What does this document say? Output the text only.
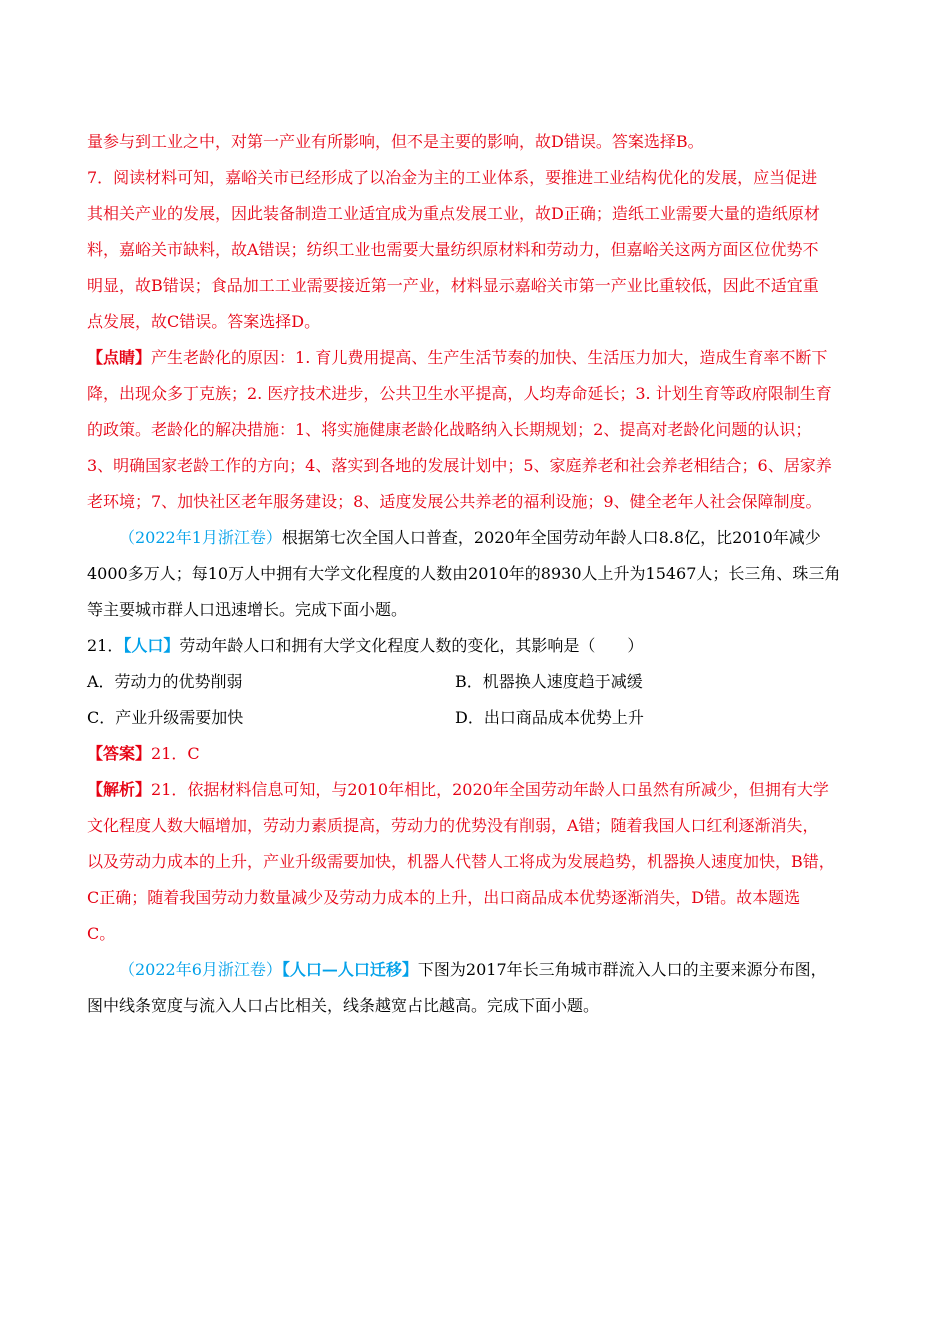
量参与到工业之中，对第一产业有所影响，但不是主要的影响，故D错误。答案选择B。
7．阅读材料可知，嘉峪关市已经形成了以冶金为主的工业体系，要推进工业结构优化的发展，应当促进
其相关产业的发展，因此装备制造工业适宜成为重点发展工业，故D正确；造纸工业需要大量的造纸原材
料，嘉峪关市缺料，故A错误；纺织工业也需要大量纺织原材料和劳动力，但嘉峪关这两方面区位优势不
明显，故B错误；食品加工工业需要接近第一产业，材料显示嘉峪关市第一产业比重较低，因此不适宜重
点发展，故C错误。答案选择D。
【点睛】产生老龄化的原因：1. 育儿费用提高、生产生活节奏的加快、生活压力加大，造成生育率不断下
降，出现众多丁克族；2. 医疗技术进步，公共卫生水平提高，人均寿命延长；3. 计划生育等政府限制生育
的政策。老龄化的解决措施：1、将实施健康老龄化战略纳入长期规划；2、提高对老龄化问题的认识；
3、明确国家老龄工作的方向；4、落实到各地的发展计划中；5、家庭养老和社会养老相结合；6、居家养
老环境；7、加快社区老年服务建设；8、适度发展公共养老的福利设施；9、健全老年人社会保障制度。
（2022年1月浙江卷）根据第七次全国人口普查，2020年全国劳动年龄人口8.8亿，比2010年减少
4000多万人；每10万人中拥有大学文化程度的人数由2010年的8930人上升为15467人；长三角、珠三角
等主要城市群人口迅速增长。完成下面小题。
21．【人口】劳动年龄人口和拥有大学文化程度人数的变化，其影响是（　　）
A．劳动力的优势削弱	B．机器换人速度趋于减缓
C．产业升级需要加快	D．出口商品成本优势上升
【答案】21．C
【解析】21．依据材料信息可知，与2010年相比，2020年全国劳动年龄人口虽然有所减少，但拥有大学
文化程度人数大幅增加，劳动力素质提高，劳动力的优势没有削弱，A错；随着我国人口红利逐渐消失，
以及劳动力成本的上升，产业升级需要加快，机器人代替人工将成为发展趋势，机器换人速度加快，B错，
C正确；随着我国劳动力数量减少及劳动力成本的上升，出口商品成本优势逐渐消失，D错。故本题选
C。
（2022年6月浙江卷）【人口—人口迁移】下图为2017年长三角城市群流入人口的主要来源分布图，
图中线条宽度与流入人口占比相关，线条越宽占比越高。完成下面小题。
